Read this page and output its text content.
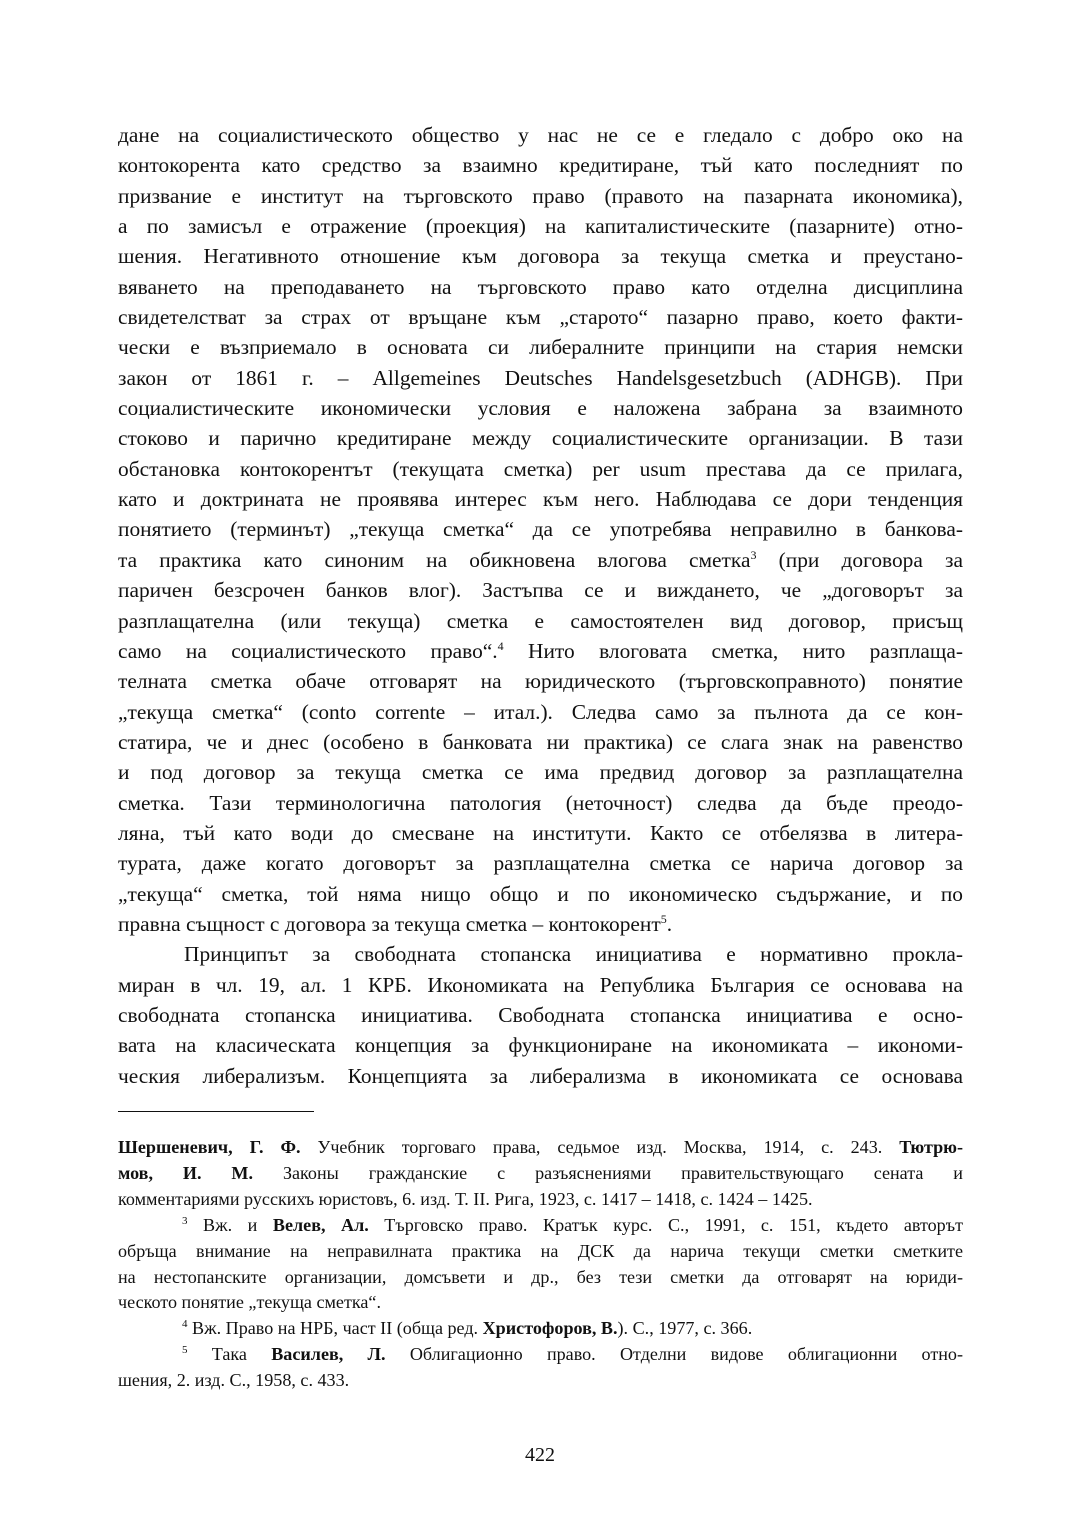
дане на социалистическото общество у нас не се е гледало с добро око на
контокорента като средство за взаимно кредитиране, тъй като последният по
призвание е институт на търговското право (правото на пазарната икономика),
а по замисъл е отражение (проекция) на капиталистическите (пазарните) отно-
шения. Негативното отношение към договора за текуща сметка и преустано-
вяването на преподаването на търговското право като отделна дисциплина
свидетелстват за страх от връщане към „старото“ пазарно право, което факти-
чески е възприемало в основата си либералните принципи на стария немски
закон от 1861 г. – Allgemeines Deutsches Handelsgesetzbuch (ADHGB). При
социалистическите икономически условия е наложена забрана за взаимното
стоково и парично кредитиране между социалистическите организации. В тази
обстановка контокорентът (текущата сметка) per usum престава да се прилага,
като и доктрината не проявява интерес към него. Наблюдава се дори тенденция
понятието (терминът) „текуща сметка“ да се употребява неправилно в банкова-
та практика като синоним на обикновена влогова сметка$^3$ (при договора за
паричен безсрочен банков влог). Застъпва се и виждането, че „договорът за
разплащателна (или текуща) сметка е самостоятелен вид договор, присъщ
само на социалистическото право“.$^4$ Нито влоговата сметка, нито разплаща-
телната сметка обаче отговарят на юридическото (търговскоправното) понятие
„текуща сметка“ (conto corrente – итал.). Следва само за пълнота да се кон-
статира, че и днес (особено в банковата ни практика) се слага знак на равенство
и под договор за текуща сметка се има предвид договор за разплащателна
сметка. Тази терминологична патология (неточност) следва да бъде преодо-
ляна, тъй като води до смесване на институти. Както се отбелязва в литера-
турата, даже когато договорът за разплащателна сметка се нарича договор за
„текуща“ сметка, той няма нищо общо и по икономическо съдържание, и по
правна същност с договора за текуща сметка – контокорент$^5$.

Принципът за свободната стопанска инициатива е нормативно прокла-
миран в чл. 19, ал. 1 КРБ. Икономиката на Република България се основава на
свободната стопанска инициатива. Свободната стопанска инициатива е осно-
вата на класическата концепция за функциониране на икономиката – икономи-
ческия либерализъм. Концепцията за либерализма в икономиката се основава

Шершеневич, Г. Ф. Учебник торговаго права, седьмое изд. Москва, 1914, с. 243. Тютрю-
мов, И. М. Законы гражданские с разъяснениями правительствующаго сената и
комментариями русскихъ юристовъ, 6. изд. Т. II. Рига, 1923, с. 1417 – 1418, с. 1424 – 1425.
$^3$ Вж. и Велев, Ал. Търговско право. Кратък курс. С., 1991, с. 151, където авторът
обръща внимание на неправилната практика на ДСК да нарича текущи сметки сметките
на нестопанските организации, домсъвети и др., без тези сметки да отговарят на юриди-
ческото понятие „текуща сметка“.
$^4$ Вж. Право на НРБ, част II (обща ред. Христофоров, В.). С., 1977, с. 366.
$^5$ Така Василев, Л. Облигационно право. Отделни видове облигационни отно-
шения, 2. изд. С., 1958, с. 433.
422
